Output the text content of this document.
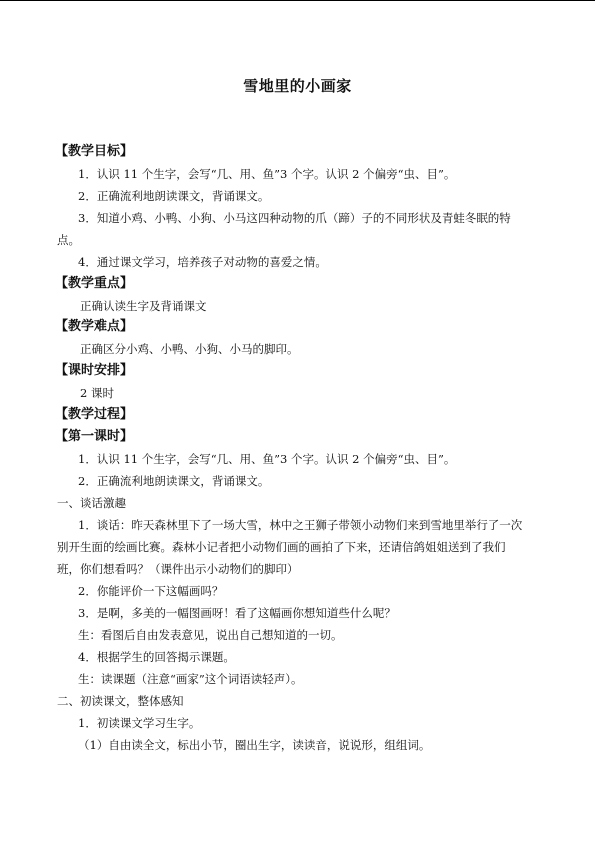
雪地里的小画家
【教学目标】
1．认识 11 个生字，会写“几、用、鱼”3 个字。认识 2 个偏旁“虫、目”。
2．正确流利地朗读课文，背诵课文。
3．知道小鸡、小鸭、小狗、小马这四种动物的爪（蹄）子的不同形状及青蛙冬眠的特
点。
4．通过课文学习，培养孩子对动物的喜爱之情。
【教学重点】
正确认读生字及背诵课文
【教学难点】
正确区分小鸡、小鸭、小狗、小马的脚印。
【课时安排】
2 课时
【教学过程】
【第一课时】
1．认识 11 个生字，会写“几、用、鱼”3 个字。认识 2 个偏旁“虫、目”。
2．正确流利地朗读课文，背诵课文。
一、谈话激趣
1．谈话：昨天森林里下了一场大雪，林中之王狮子带领小动物们来到雪地里举行了一次
别开生面的绘画比赛。森林小记者把小动物们画的画拍了下来，还请信鸽姐姐送到了我们
班，你们想看吗？（课件出示小动物们的脚印）
2．你能评价一下这幅画吗？
3．是啊，多美的一幅图画呀！看了这幅画你想知道些什么呢？
生：看图后自由发表意见，说出自己想知道的一切。
4．根据学生的回答揭示课题。
生：读课题（注意“画家”这个词语读轻声）。
二、初读课文，整体感知
1．初读课文学习生字。
（1）自由读全文，标出小节，圈出生字，读读音，说说形，组组词。
